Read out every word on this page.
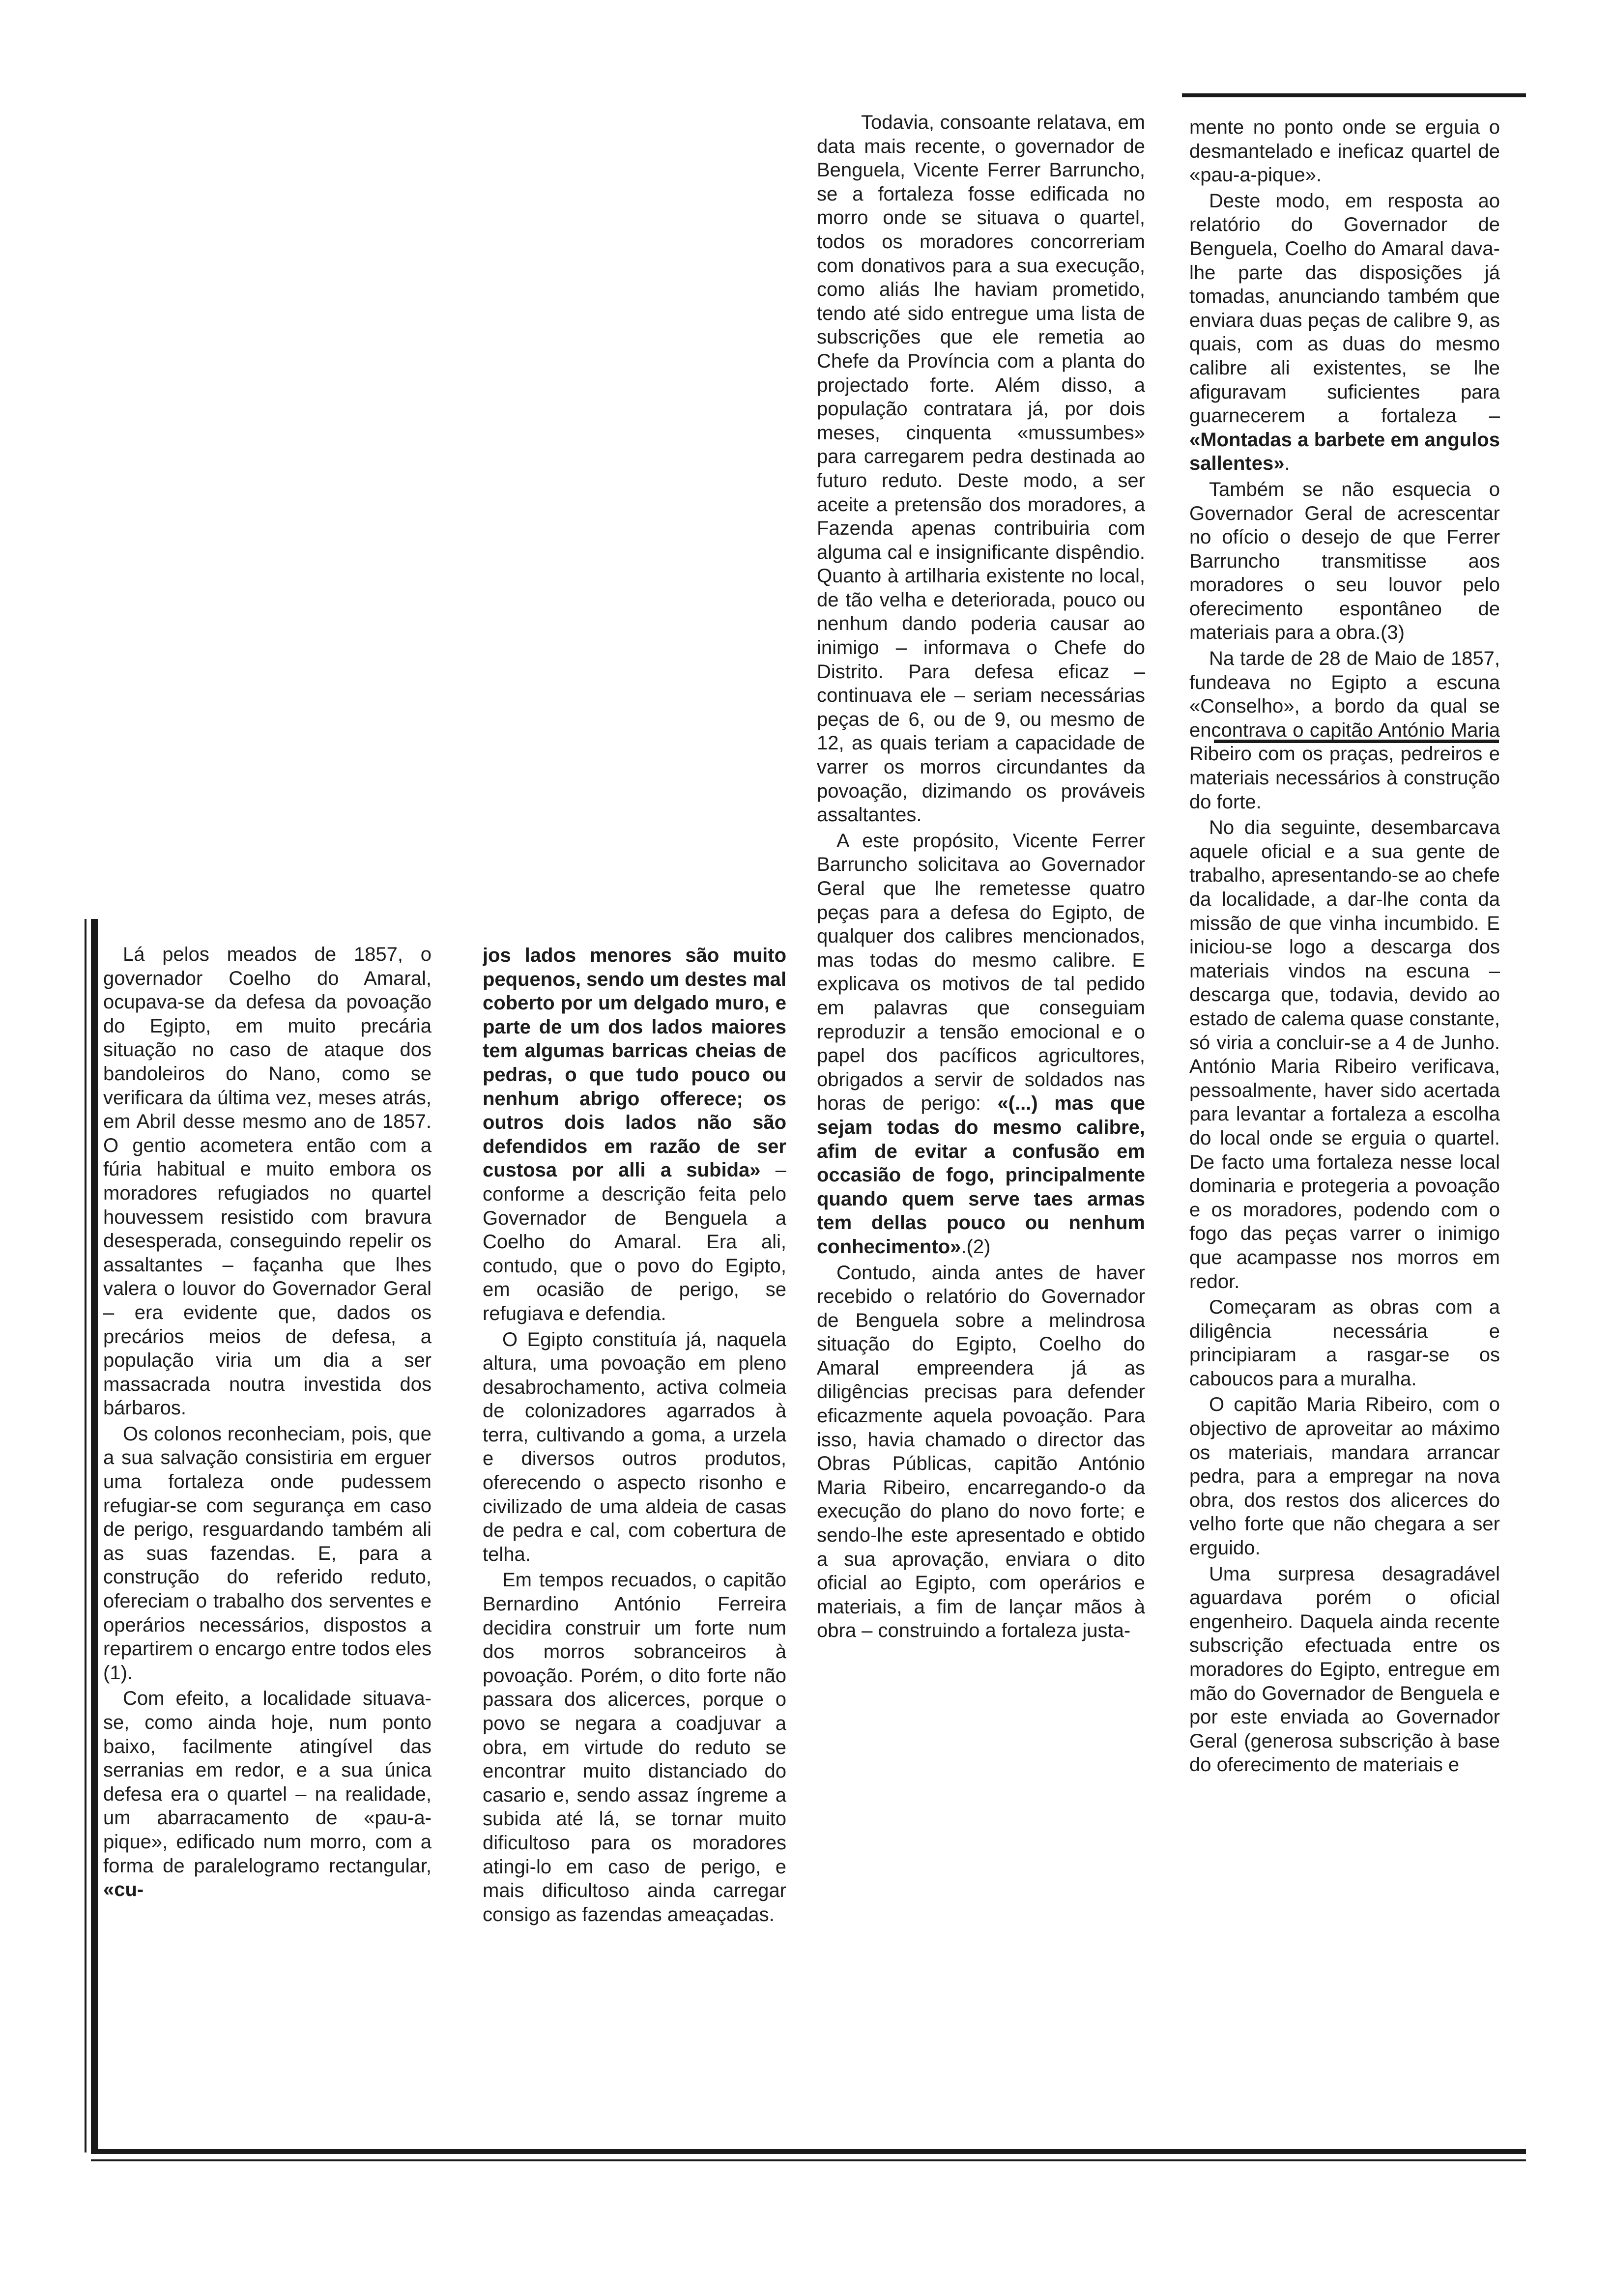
Lá pelos meados de 1857, o governador Coelho do Amaral, ocupava-se da defesa da povoação do Egipto, em muito precária situação no caso de ataque dos bandoleiros do Nano, como se verificara da última vez, meses atrás, em Abril desse mesmo ano de 1857. O gentio acometera então com a fúria habitual e muito embora os moradores refugiados no quartel houvessem resistido com bravura desesperada, conseguindo repelir os assaltantes – façanha que lhes valera o louvor do Governador Geral – era evidente que, dados os precários meios de defesa, a população viria um dia a ser massacrada noutra investida dos bárbaros.

Os colonos reconheciam, pois, que a sua salvação consistiria em erguer uma fortaleza onde pudessem refugiar-se com segurança em caso de perigo, resguardando também ali as suas fazendas. E, para a construção do referido reduto, ofereciam o trabalho dos serventes e operários necessários, dispostos a repartirem o encargo entre todos eles (1).

Com efeito, a localidade situava-se, como ainda hoje, num ponto baixo, facilmente atingível das serranias em redor, e a sua única defesa era o quartel – na realidade, um abarracamento de «pau-a-pique», edificado num morro, com a forma de paralelogramo rectangular, «cu-

jos lados menores são muito pequenos, sendo um destes mal coberto por um delgado muro, e parte de um dos lados maiores tem algumas barricas cheias de pedras, o que tudo pouco ou nenhum abrigo offerece; os outros dois lados não são defendidos em razão de ser custosa por alli a subida» – conforme a descrição feita pelo Governador de Benguela a Coelho do Amaral. Era ali, contudo, que o povo do Egipto, em ocasião de perigo, se refugiava e defendia.

O Egipto constituía já, naquela altura, uma povoação em pleno desabrochamento, activa colmeia de colonizadores agarrados à terra, cultivando a goma, a urzela e diversos outros produtos, oferecendo o aspecto risonho e civilizado de uma aldeia de casas de pedra e cal, com cobertura de telha.

Em tempos recuados, o capitão Bernardino António Ferreira decidira construir um forte num dos morros sobranceiros à povoação. Porém, o dito forte não passara dos alicerces, porque o povo se negara a coadjuvar a obra, em virtude do reduto se encontrar muito distanciado do casario e, sendo assaz íngreme a subida até lá, se tornar muito dificultoso para os moradores atingi-lo em caso de perigo, e mais dificultoso ainda carregar consigo as fazendas ameaçadas.

Todavia, consoante relatava, em data mais recente, o governador de Benguela, Vicente Ferrer Barruncho, se a fortaleza fosse edificada no morro onde se situava o quartel, todos os moradores concorreriam com donativos para a sua execução, como aliás lhe haviam prometido, tendo até sido entregue uma lista de subscrições que ele remetia ao Chefe da Província com a planta do projectado forte. Além disso, a população contratara já, por dois meses, cinquenta «mussumbes» para carregarem pedra destinada ao futuro reduto. Deste modo, a ser aceite a pretensão dos moradores, a Fazenda apenas contribuiria com alguma cal e insignificante dispêndio. Quanto à artilharia existente no local, de tão velha e deteriorada, pouco ou nenhum dando poderia causar ao inimigo – informava o Chefe do Distrito. Para defesa eficaz – continuava ele – seriam necessárias peças de 6, ou de 9, ou mesmo de 12, as quais teriam a capacidade de varrer os morros circundantes da povoação, dizimando os prováveis assaltantes.

A este propósito, Vicente Ferrer Barruncho solicitava ao Governador Geral que lhe remetesse quatro peças para a defesa do Egipto, de qualquer dos calibres mencionados, mas todas do mesmo calibre. E explicava os motivos de tal pedido em palavras que conseguiam reproduzir a tensão emocional e o papel dos pacíficos agricultores, obrigados a servir de soldados nas horas de perigo: «(...) mas que sejam todas do mesmo calibre, afim de evitar a confusão em occasião de fogo, principalmente quando quem serve taes armas tem dellas pouco ou nenhum conhecimento».(2)

Contudo, ainda antes de haver recebido o relatório do Governador de Benguela sobre a melindrosa situação do Egipto, Coelho do Amaral empreendera já as diligências precisas para defender eficazmente aquela povoação. Para isso, havia chamado o director das Obras Públicas, capitão António Maria Ribeiro, encarregando-o da execução do plano do novo forte; e sendo-lhe este apresentado e obtido a sua aprovação, enviara o dito oficial ao Egipto, com operários e materiais, a fim de lançar mãos à obra – construindo a fortaleza justa-

mente no ponto onde se erguia o desmantelado e ineficaz quartel de «pau-a-pique».

Deste modo, em resposta ao relatório do Governador de Benguela, Coelho do Amaral dava-lhe parte das disposições já tomadas, anunciando também que enviara duas peças de calibre 9, as quais, com as duas do mesmo calibre ali existentes, se lhe afiguravam suficientes para guarnecerem a fortaleza – «Montadas a barbete em angulos sallentes».

Também se não esquecia o Governador Geral de acrescentar no ofício o desejo de que Ferrer Barruncho transmitisse aos moradores o seu louvor pelo oferecimento espontâneo de materiais para a obra.(3)

Na tarde de 28 de Maio de 1857, fundeava no Egipto a escuna «Conselho», a bordo da qual se encontrava o capitão António Maria Ribeiro com os praças, pedreiros e materiais necessários à construção do forte.

No dia seguinte, desembarcava aquele oficial e a sua gente de trabalho, apresentando-se ao chefe da localidade, a dar-lhe conta da missão de que vinha incumbido. E iniciou-se logo a descarga dos materiais vindos na escuna – descarga que, todavia, devido ao estado de calema quase constante, só viria a concluir-se a 4 de Junho. António Maria Ribeiro verificava, pessoalmente, haver sido acertada para levantar a fortaleza a escolha do local onde se erguia o quartel. De facto uma fortaleza nesse local dominaria e protegeria a povoação e os moradores, podendo com o fogo das peças varrer o inimigo que acampasse nos morros em redor.

Começaram as obras com a diligência necessária e principiaram a rasgar-se os caboucos para a muralha.

O capitão Maria Ribeiro, com o objectivo de aproveitar ao máximo os materiais, mandara arrancar pedra, para a empregar na nova obra, dos restos dos alicerces do velho forte que não chegara a ser erguido.

Uma surpresa desagradável aguardava porém o oficial engenheiro. Daquela ainda recente subscrição efectuada entre os moradores do Egipto, entregue em mão do Governador de Benguela e por este enviada ao Governador Geral (generosa subscrição à base do oferecimento de materiais e
